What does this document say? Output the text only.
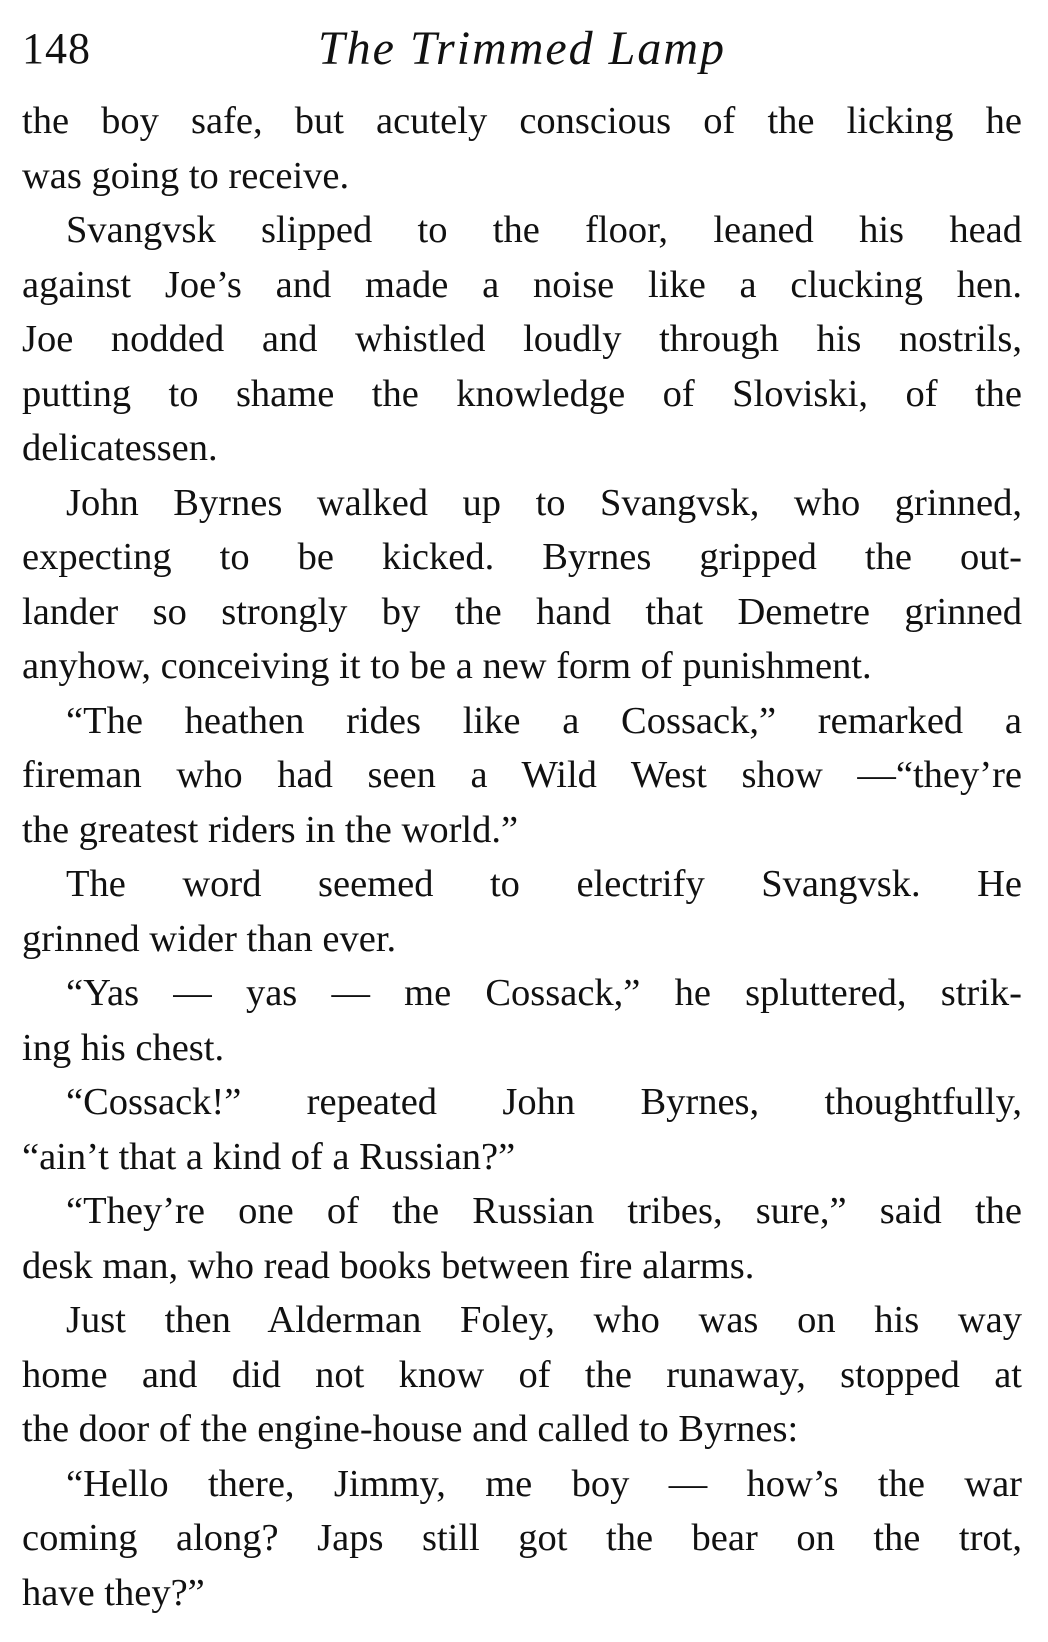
148	The Trimmed Lamp
the boy safe, but acutely conscious of the licking he
was going to receive.
Svangvsk slipped to the floor, leaned his head
against Joe’s and made a noise like a clucking hen.
Joe nodded and whistled loudly through his nostrils,
putting to shame the knowledge of Sloviski, of the
delicatessen.
John Byrnes walked up to Svangvsk, who grinned,
expecting to be kicked. Byrnes gripped the out-
lander so strongly by the hand that Demetre grinned
anyhow, conceiving it to be a new form of punishment.
“The heathen rides like a Cossack,” remarked a
fireman who had seen a Wild West show —“they’re
the greatest riders in the world.”
The word seemed to electrify Svangvsk. He
grinned wider than ever.
“Yas — yas — me Cossack,” he spluttered, strik-
ing his chest.
“Cossack!” repeated John Byrnes, thoughtfully,
“ain’t that a kind of a Russian?”
“They’re one of the Russian tribes, sure,” said the
desk man, who read books between fire alarms.
Just then Alderman Foley, who was on his way
home and did not know of the runaway, stopped at
the door of the engine-house and called to Byrnes:
“Hello there, Jimmy, me boy — how’s the war
coming along? Japs still got the bear on the trot,
have they?”
